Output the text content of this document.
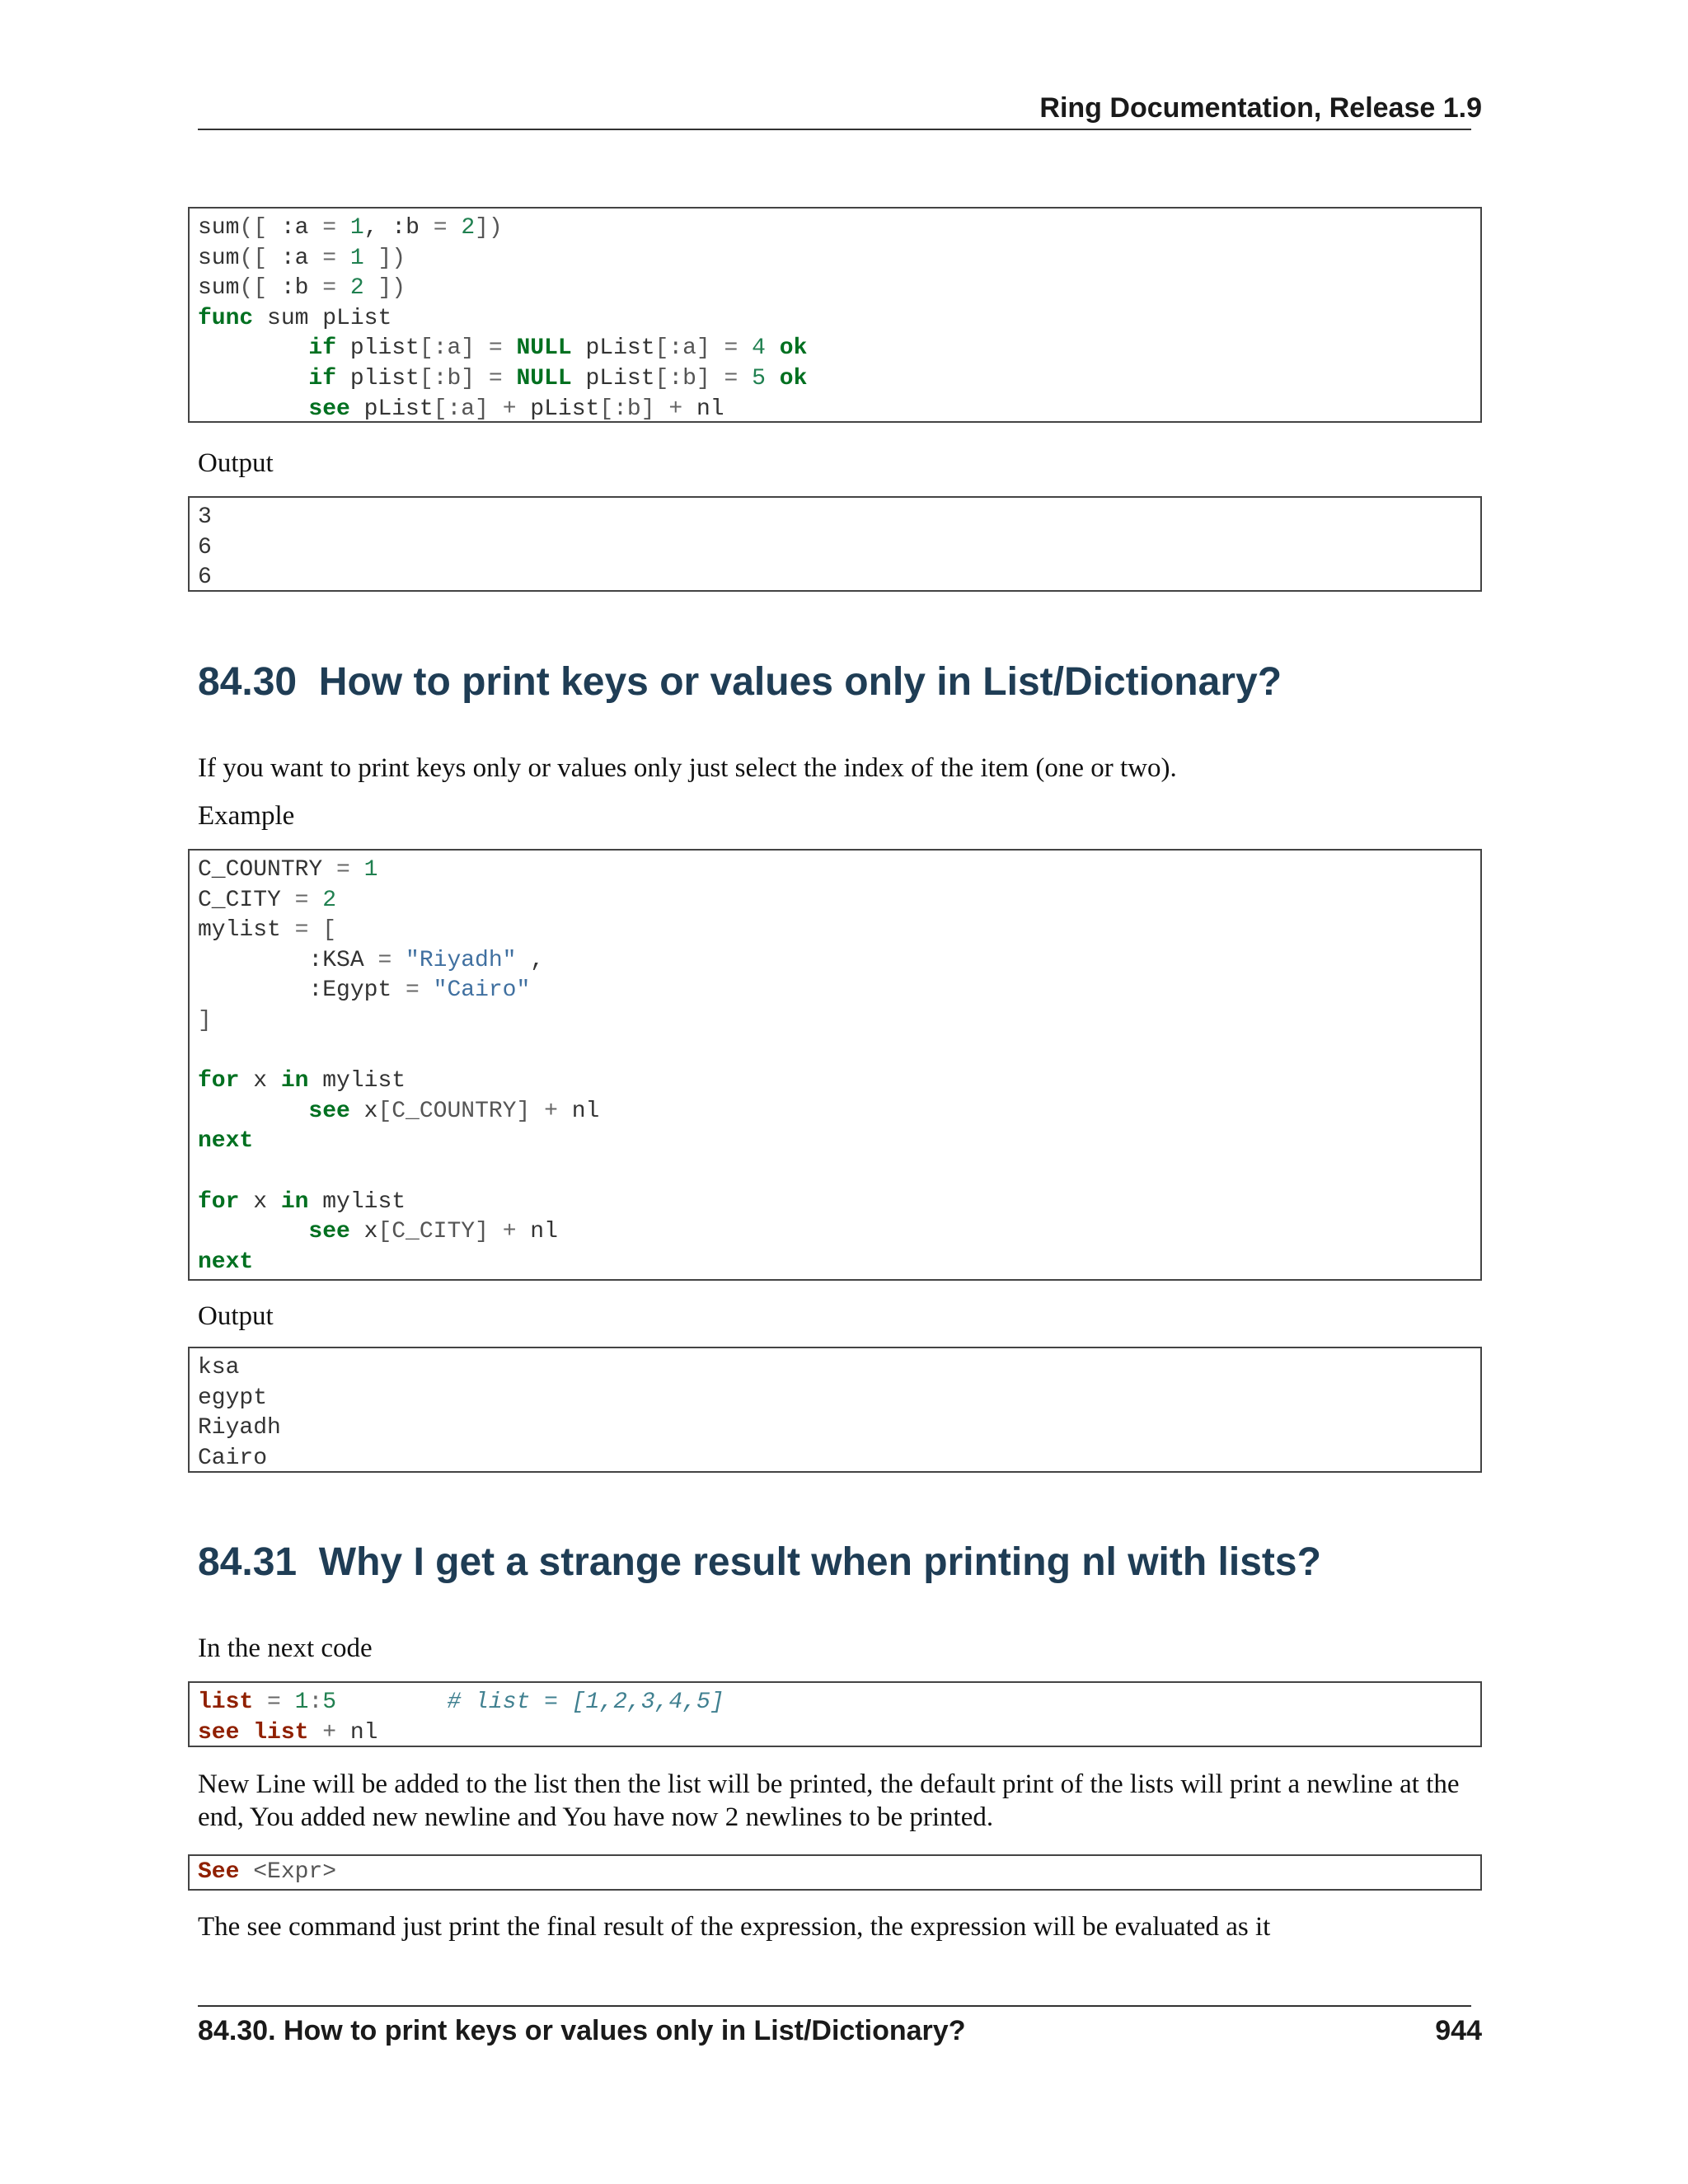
Ring Documentation, Release 1.9
sum([ :a = 1, :b = 2])
sum([ :a = 1 ])
sum([ :b = 2 ])
func sum pList
if plist[:a] = NULL pList[:a] = 4 ok
if plist[:b] = NULL pList[:b] = 5 ok
see pList[:a] + pList[:b] + nl
Output
3
6
6
84.30 How to print keys or values only in List/Dictionary?
If you want to print keys only or values only just select the index of the item (one or two).
Example
C_COUNTRY = 1
C_CITY = 2
mylist = [
:KSA = "Riyadh" ,
:Egypt = "Cairo"
]
for x in mylist
see x[C_COUNTRY] + nl
next
for x in mylist
see x[C_CITY] + nl
next
Output
ksa
egypt
Riyadh
Cairo
84.31 Why I get a strange result when printing nl with lists?
In the next code
list = 1:5	# list = [1,2,3,4,5]
see list + nl
New Line will be added to the list then the list will be printed, the default print of the lists will print a newline at the end, You added new newline and You have now 2 newlines to be printed.
See <Expr>
The see command just print the final result of the expression, the expression will be evaluated as it
84.30. How to print keys or values only in List/Dictionary?	944
